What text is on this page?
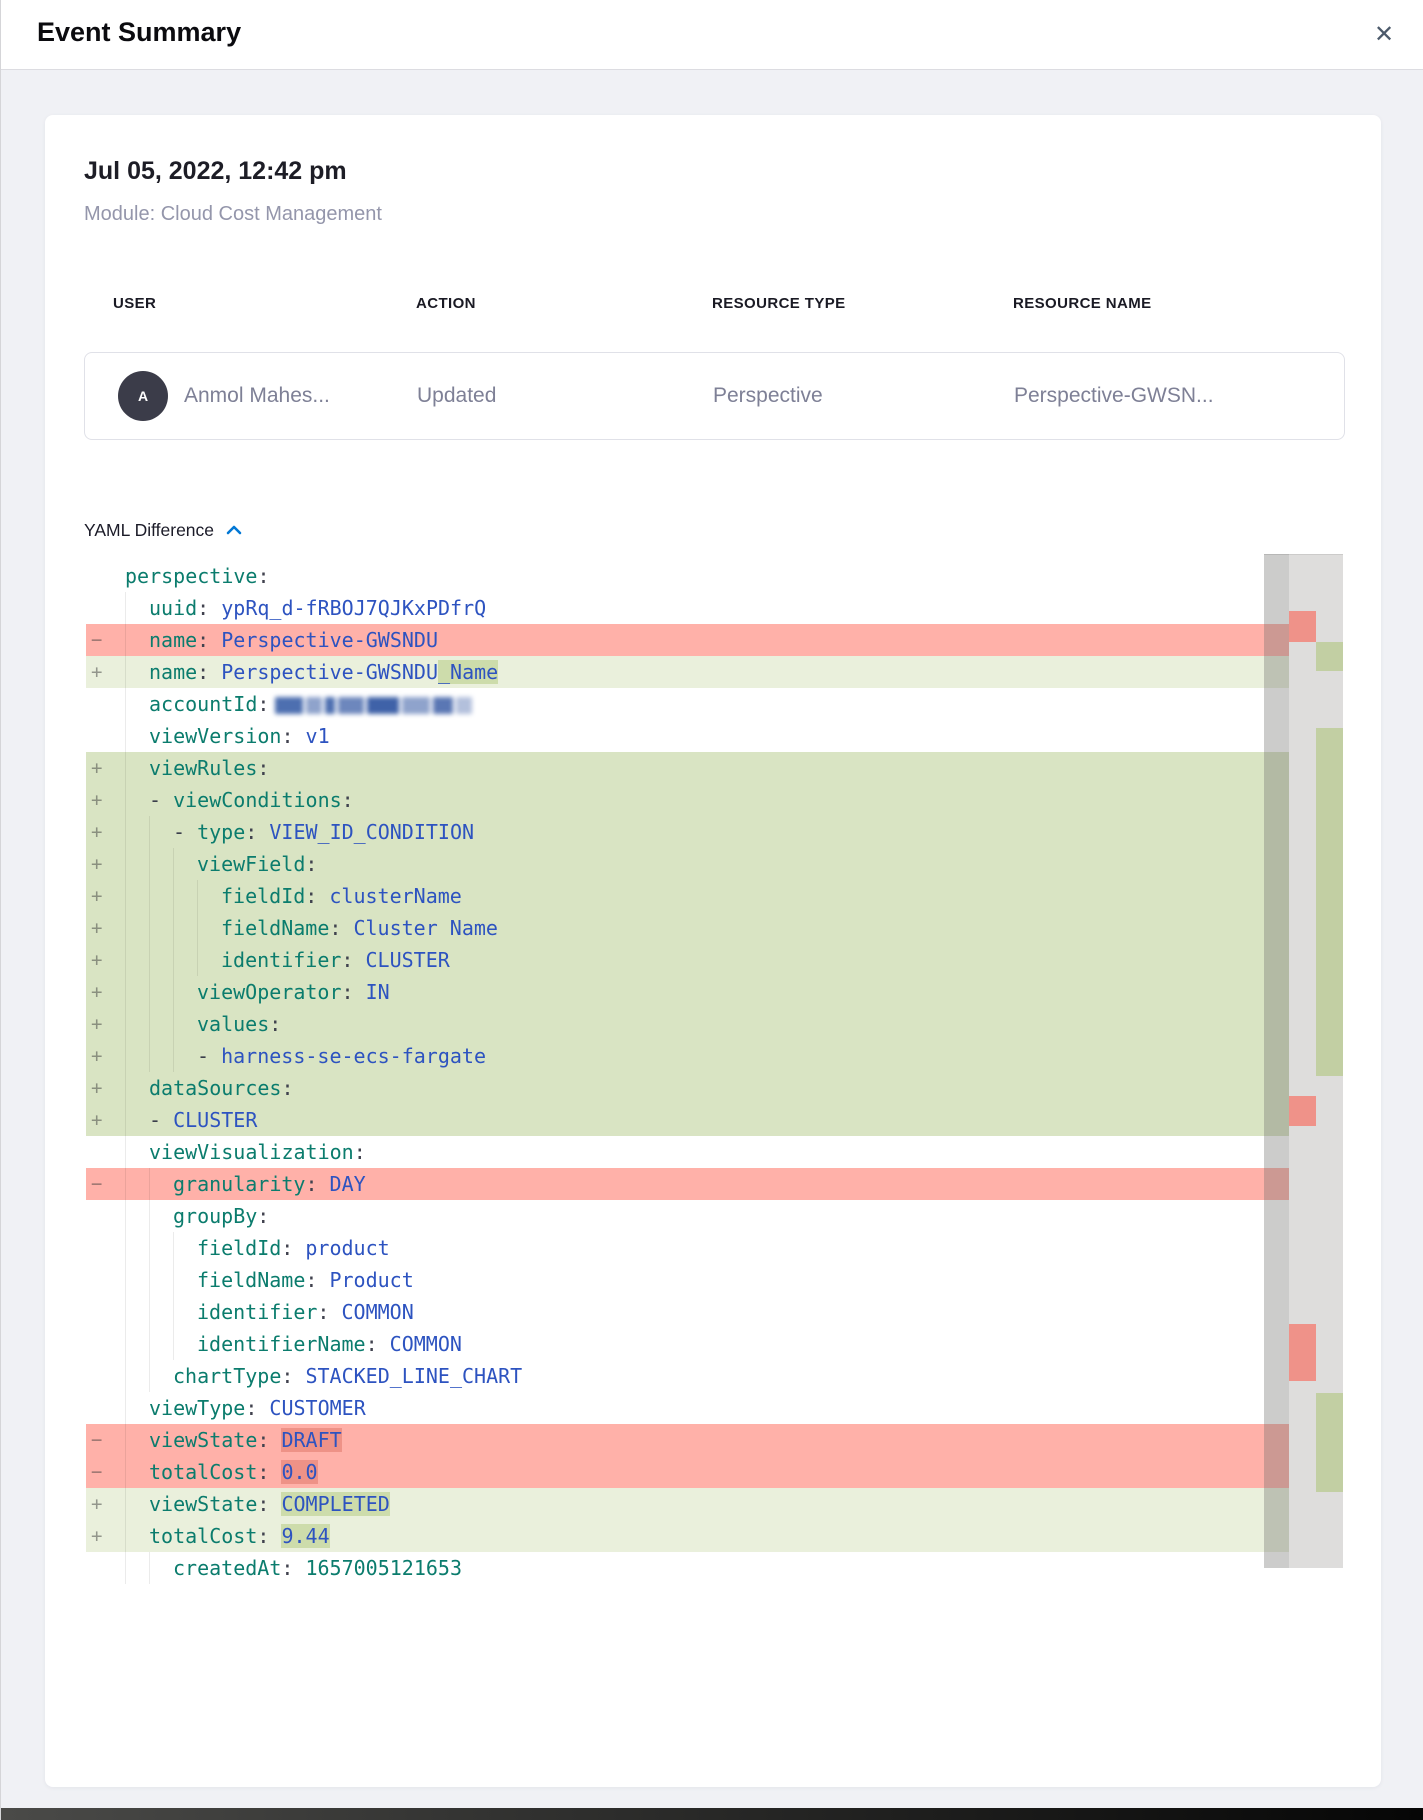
Event Summary	✕
Jul 05, 2022, 12:42 pm
Module: Cloud Cost Management
USER	ACTION	RESOURCE TYPE	RESOURCE NAME
A	Anmol Mahes...	Updated	Perspective	Perspective-GWSN...
YAML Difference
perspective:
uuid: ypRq_d-fRBOJ7QJKxPDfrQ
−	name: Perspective-GWSNDU
+	name: Perspective-GWSNDU_Name
accountId:
viewVersion: v1
+	viewRules:
+	- viewConditions:
+	- type: VIEW_ID_CONDITION
+	viewField:
+	fieldId: clusterName
+	fieldName: Cluster Name
+	identifier: CLUSTER
+	viewOperator: IN
+	values:
+	- harness-se-ecs-fargate
+	dataSources:
+	- CLUSTER
viewVisualization:
−	granularity: DAY
groupBy:
fieldId: product
fieldName: Product
identifier: COMMON
identifierName: COMMON
chartType: STACKED_LINE_CHART
viewType: CUSTOMER
−	viewState: DRAFT
−	totalCost: 0.0
+	viewState: COMPLETED
+	totalCost: 9.44
createdAt: 1657005121653
